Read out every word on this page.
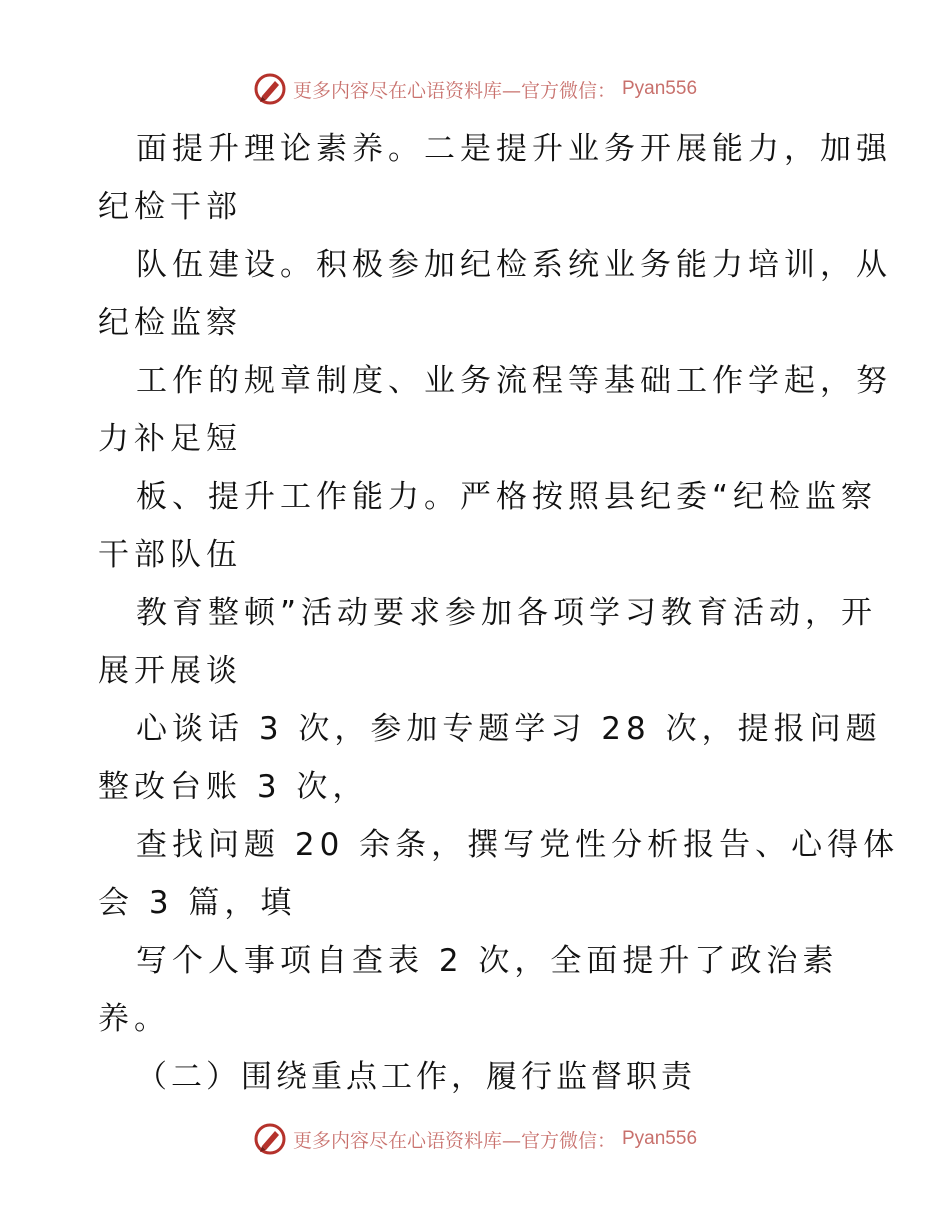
更多内容尽在心语资料库—官方微信： Pyan556
面提升理论素养。二是提升业务开展能力，加强
纪检干部
队伍建设。积极参加纪检系统业务能力培训，从
纪检监察
工作的规章制度、业务流程等基础工作学起，努
力补足短
板、提升工作能力。严格按照县纪委“纪检监察
干部队伍
教育整顿”活动要求参加各项学习教育活动，开
展开展谈
心谈话 3 次，参加专题学习 28 次，提报问题
整改台账 3 次，
查找问题 20 余条，撰写党性分析报告、心得体
会 3 篇，填
写个人事项自查表 2 次，全面提升了政治素
养。
（二）围绕重点工作，履行监督职责
更多内容尽在心语资料库—官方微信： Pyan556
